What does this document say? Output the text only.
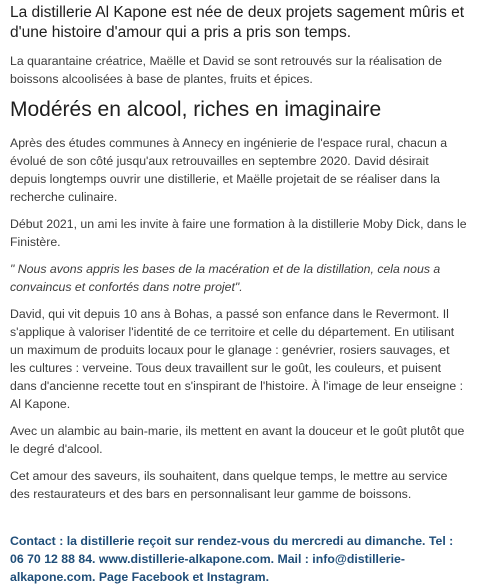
La distillerie Al Kapone est née de deux projets sagement mûris et d'une histoire d'amour qui a pris a pris son temps.

La quarantaine créatrice, Maëlle et David se sont retrouvés sur la réalisation de boissons alcoolisées à base de plantes, fruits et épices.

Modérés en alcool, riches en imaginaire

Après des études communes à Annecy en ingénierie de l'espace rural, chacun a évolué de son côté jusqu'aux retrouvailles en septembre 2020. David désirait depuis longtemps ouvrir une distillerie, et Maëlle projetait de se réaliser dans la recherche culinaire.

Début 2021, un ami les invite à faire une formation à la distillerie Moby Dick, dans le Finistère.

" Nous avons appris les bases de la macération et de la distillation, cela nous a convaincus et confortés dans notre projet".

David, qui vit depuis 10 ans à Bohas, a passé son enfance dans le Revermont. Il s'applique à valoriser l'identité de ce territoire et celle du département. En utilisant un maximum de produits locaux pour le glanage : genévrier, rosiers sauvages, et les cultures : verveine. Tous deux travaillent sur le goût, les couleurs, et puisent dans d'ancienne recette tout en s'inspirant de l'histoire. À l'image de leur enseigne : Al Kapone.

Avec un alambic au bain-marie, ils mettent en avant la douceur et le goût plutôt que le degré d'alcool.

Cet amour des saveurs, ils souhaitent, dans quelque temps, le mettre au service des restaurateurs et des bars en personnalisant leur gamme de boissons.

Contact : la distillerie reçoit sur rendez-vous du mercredi au dimanche. Tel : 06 70 12 88 84. www.distillerie-alkapone.com. Mail : info@distillerie-alkapone.com. Page Facebook et Instagram.
